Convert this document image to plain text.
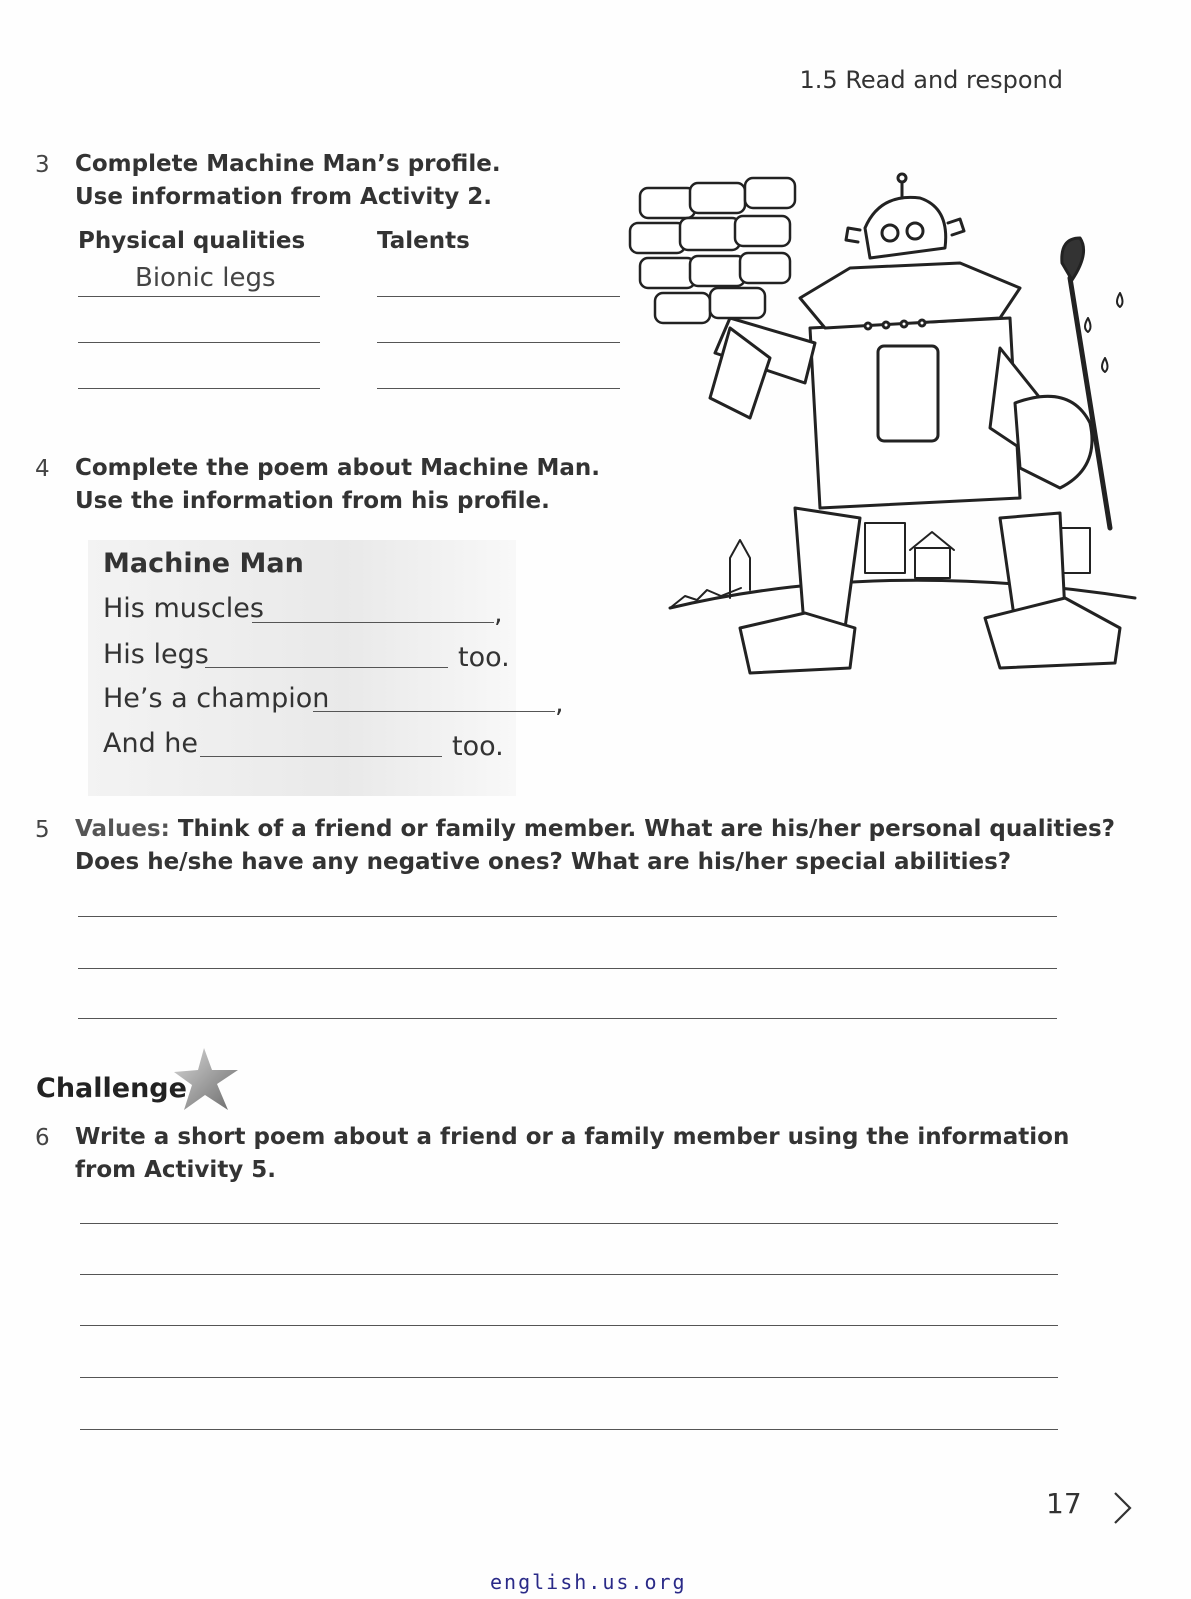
1.5 Read and respond
3 Complete Machine Man’s profile.
Use information from Activity 2.
Physical qualities	Talents
Bionic legs
4 Complete the poem about Machine Man.
Use the information from his profile.
Machine Man
His muscles	,
His legs	too.
He’s a champion	,
And he	too.
5 Values: Think of a friend or family member. What are his/her personal qualities?
Does he/she have any negative ones? What are his/her special abilities?
Challenge
6 Write a short poem about a friend or a family member using the information
from Activity 5.
17
english.us.org
